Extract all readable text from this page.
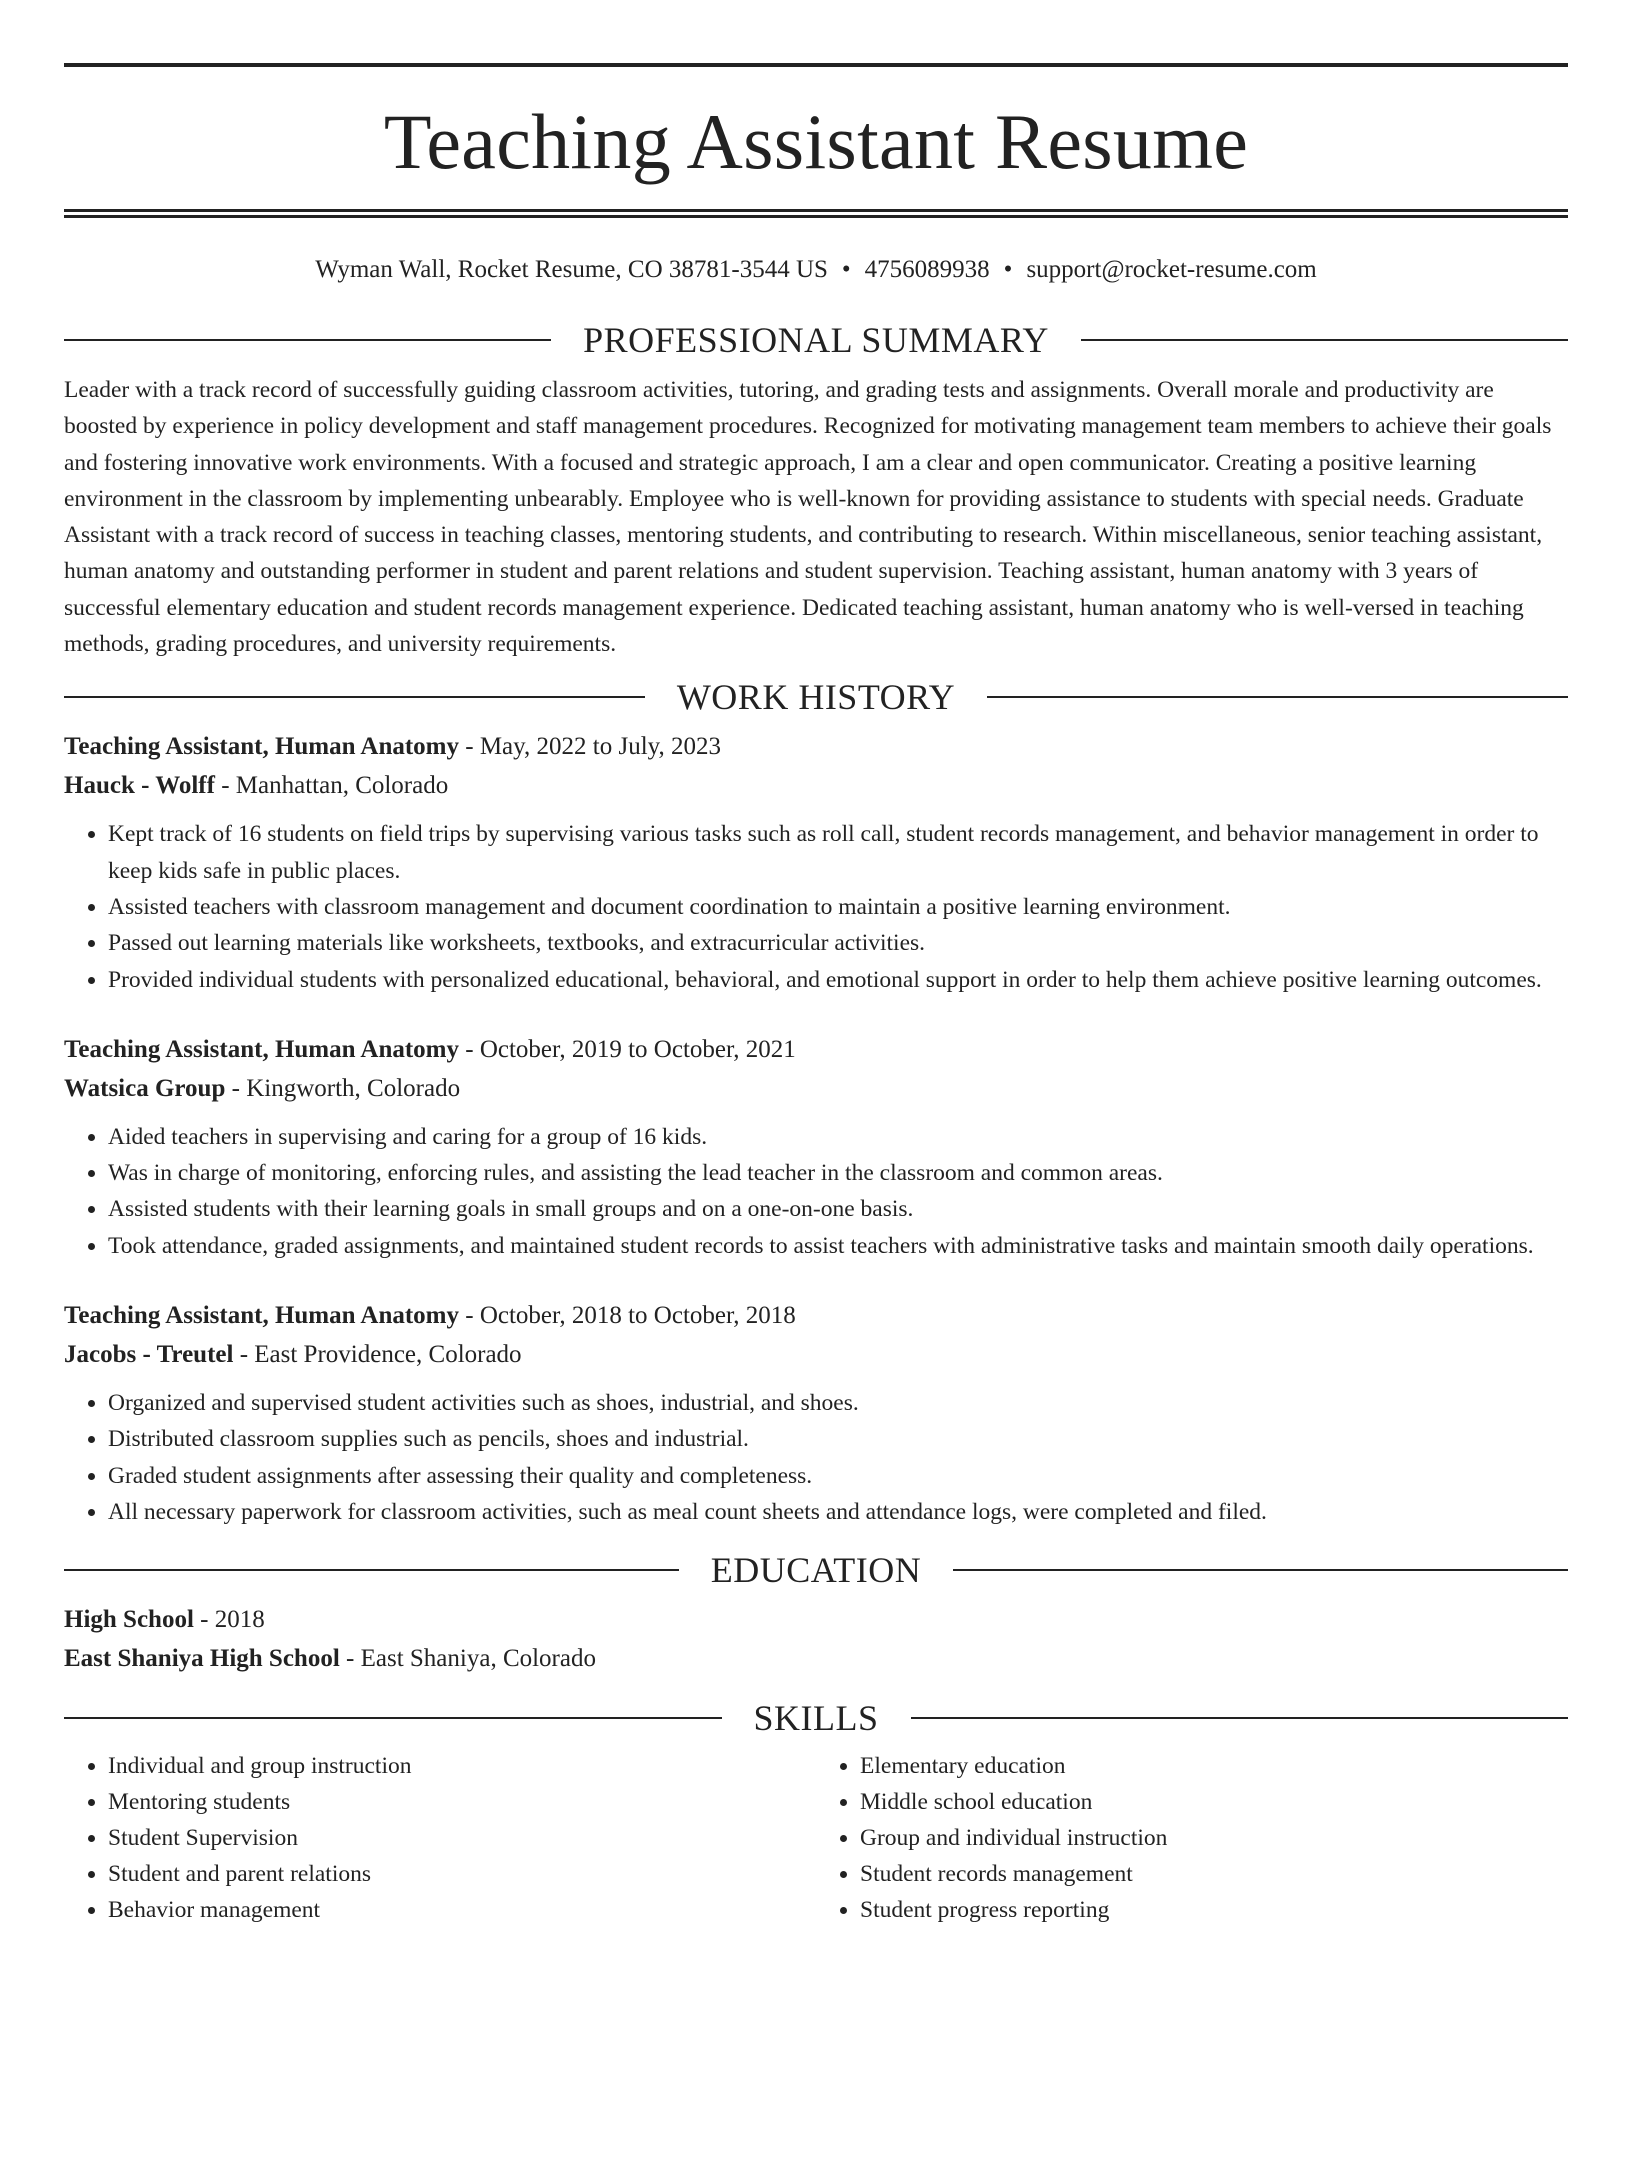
Teaching Assistant Resume
Wyman Wall, Rocket Resume, CO 38781-3544 US • 4756089938 • support@rocket-resume.com
PROFESSIONAL SUMMARY

Leader with a track record of successfully guiding classroom activities, tutoring, and grading tests and assignments. Overall morale and productivity are boosted by experience in policy development and staff management procedures. Recognized for motivating management team members to achieve their goals and fostering innovative work environments. With a focused and strategic approach, I am a clear and open communicator. Creating a positive learning environment in the classroom by implementing unbearably. Employee who is well-known for providing assistance to students with special needs. Graduate Assistant with a track record of success in teaching classes, mentoring students, and contributing to research. Within miscellaneous, senior teaching assistant, human anatomy and outstanding performer in student and parent relations and student supervision. Teaching assistant, human anatomy with 3 years of successful elementary education and student records management experience. Dedicated teaching assistant, human anatomy who is well-versed in teaching methods, grading procedures, and university requirements.

WORK HISTORY
Teaching Assistant, Human Anatomy - May, 2022 to July, 2023
Hauck - Wolff - Manhattan, Colorado
• Kept track of 16 students on field trips by supervising various tasks such as roll call, student records management, and behavior management in order to keep kids safe in public places.
• Assisted teachers with classroom management and document coordination to maintain a positive learning environment.
• Passed out learning materials like worksheets, textbooks, and extracurricular activities.
• Provided individual students with personalized educational, behavioral, and emotional support in order to help them achieve positive learning outcomes.
Teaching Assistant, Human Anatomy - October, 2019 to October, 2021
Watsica Group - Kingworth, Colorado
• Aided teachers in supervising and caring for a group of 16 kids.
• Was in charge of monitoring, enforcing rules, and assisting the lead teacher in the classroom and common areas.
• Assisted students with their learning goals in small groups and on a one-on-one basis.
• Took attendance, graded assignments, and maintained student records to assist teachers with administrative tasks and maintain smooth daily operations.
Teaching Assistant, Human Anatomy - October, 2018 to October, 2018
Jacobs - Treutel - East Providence, Colorado
• Organized and supervised student activities such as shoes, industrial, and shoes.
• Distributed classroom supplies such as pencils, shoes and industrial.
• Graded student assignments after assessing their quality and completeness.
• All necessary paperwork for classroom activities, such as meal count sheets and attendance logs, were completed and filed.
EDUCATION
High School - 2018
East Shaniya High School - East Shaniya, Colorado
SKILLS
• Individual and group instruction
• Mentoring students
• Student Supervision
• Student and parent relations
• Behavior management
• Elementary education
• Middle school education
• Group and individual instruction
• Student records management
• Student progress reporting
